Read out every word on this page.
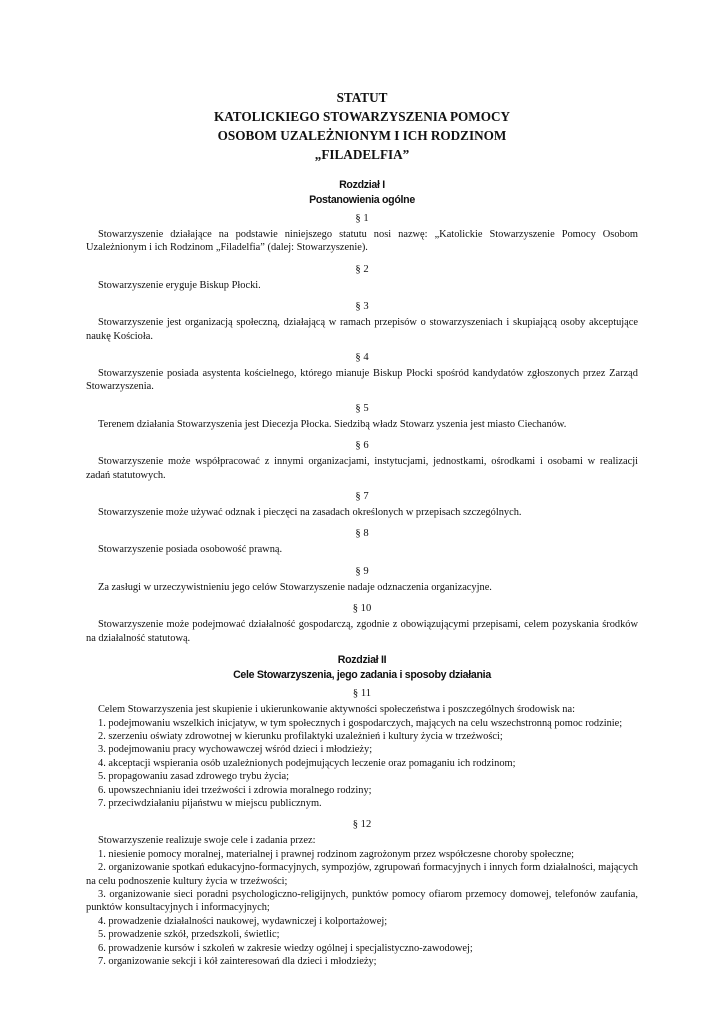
STATUT

KATOLICKIEGO STOWARZYSZENIA POMOCY

OSOBOM UZALEŻNIONYM I ICH RODZINOM

„FILADELFIA”

Rozdział I

Postanowienia ogólne

§ 1

Stowarzyszenie działające na podstawie niniejszego statutu nosi nazwę: „Katolickie Stowarzyszenie Pomocy Osobom Uzależnionym i ich Rodzinom „Filadelfia” (dalej: Stowarzyszenie).

§ 2

Stowarzyszenie eryguje Biskup Płocki.

§ 3

Stowarzyszenie jest organizacją społeczną, działającą w ramach przepisów o stowarzyszeniach i skupiającą osoby akceptujące naukę Kościoła.

§ 4

Stowarzyszenie posiada asystenta kościelnego, którego mianuje Biskup Płocki spośród kandydatów zgłoszonych przez Zarząd Stowarzyszenia.

§ 5

Terenem działania Stowarzyszenia jest Diecezja Płocka. Siedzibą władz Stowarz yszenia jest miasto Ciechanów.

§ 6

Stowarzyszenie może współpracować z innymi organizacjami, instytucjami, jednostkami, ośrodkami i osobami w realizacji zadań statutowych.

§ 7

Stowarzyszenie może używać odznak i pieczęci na zasadach określonych w przepisach szczególnych.

§ 8

Stowarzyszenie posiada osobowość prawną.

§ 9

Za zasługi w urzeczywistnieniu jego celów Stowarzyszenie nadaje odznaczenia organizacyjne.

§ 10

Stowarzyszenie może podejmować działalność gospodarczą, zgodnie z obowiązującymi przepisami, celem pozyskania środków na działalność statutową.

Rozdział II

Cele Stowarzyszenia, jego zadania i sposoby działania

§ 11

Celem Stowarzyszenia jest skupienie i ukierunkowanie aktywności społeczeństwa i poszczególnych środowisk na:

1. podejmowaniu wszelkich inicjatyw, w tym społecznych i gospodarczych, mających na celu wszechstronną pomoc rodzinie;
2. szerzeniu oświaty zdrowotnej w kierunku profilaktyki uzależnień i kultury życia w trzeźwości;
3. podejmowaniu pracy wychowawczej wśród dzieci i młodzieży;
4. akceptacji wspierania osób uzależnionych podejmujących leczenie oraz pomaganiu ich rodzinom;
5. propagowaniu zasad zdrowego trybu życia;
6. upowszechnianiu idei trzeźwości i zdrowia moralnego rodziny;
7. przeciwdziałaniu pijaństwu w miejscu publicznym.

§ 12

Stowarzyszenie realizuje swoje cele i zadania przez:

1. niesienie pomocy moralnej, materialnej i prawnej rodzinom zagrożonym przez współczesne choroby społeczne;
2. organizowanie spotkań edukacyjno-formacyjnych, sympozjów, zgrupowań formacyjnych i innych form działalności, mających na celu podnoszenie kultury życia w trzeźwości;
3. organizowanie sieci poradni psychologiczno-religijnych, punktów pomocy ofiarom przemocy domowej, telefonów zaufania, punktów konsultacyjnych i informacyjnych;
4. prowadzenie działalności naukowej, wydawniczej i kolportażowej;
5. prowadzenie szkół, przedszkoli, świetlic;
6. prowadzenie kursów i szkoleń w zakresie wiedzy ogólnej i specjalistyczno-zawodowej;
7. organizowanie sekcji i kół zainteresowań dla dzieci i młodzieży;
